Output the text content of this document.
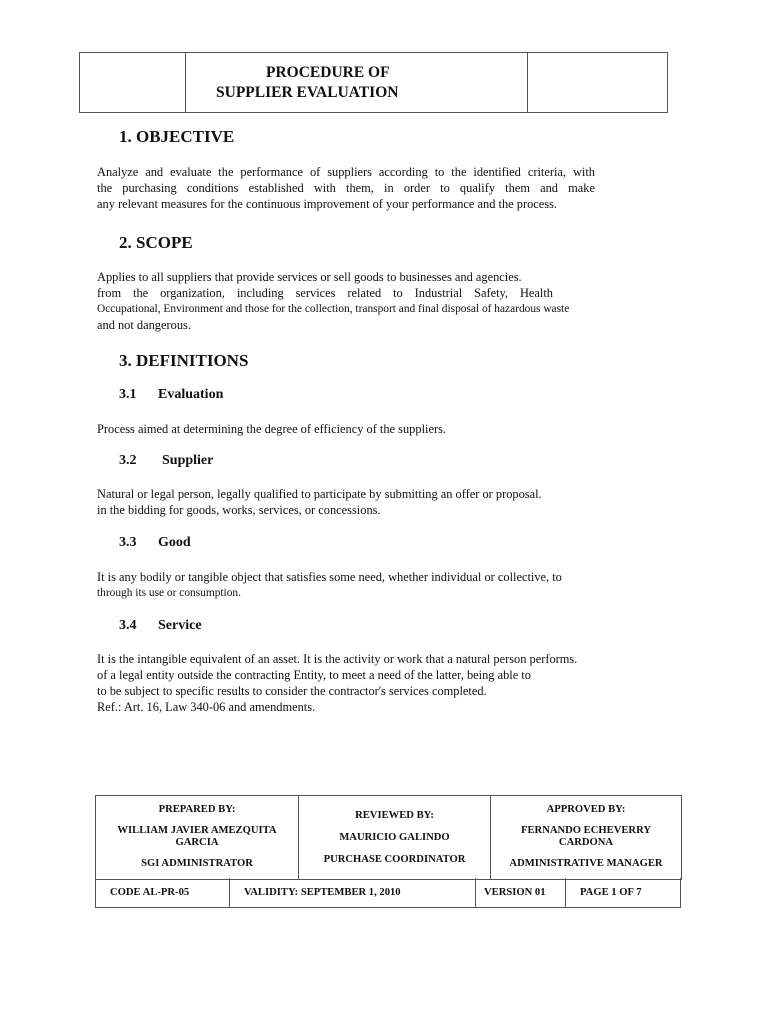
PROCEDURE OF
SUPPLIER EVALUATION
1. OBJECTIVE
Analyze and evaluate the performance of suppliers according to the identified criteria, with
the purchasing conditions established with them, in order to qualify them and make
any relevant measures for the continuous improvement of your performance and the process.
2. SCOPE
Applies to all suppliers that provide services or sell goods to businesses and agencies.
from the organization, including services related to Industrial Safety, Health
Occupational, Environment and those for the collection, transport and final disposal of hazardous waste
and not dangerous.
3. DEFINITIONS
3.1 Evaluation
Process aimed at determining the degree of efficiency of the suppliers.
3.2 Supplier
Natural or legal person, legally qualified to participate by submitting an offer or proposal.
in the bidding for goods, works, services, or concessions.
3.3 Good
It is any bodily or tangible object that satisfies some need, whether individual or collective, to
through its use or consumption.
3.4 Service
It is the intangible equivalent of an asset. It is the activity or work that a natural person performs.
of a legal entity outside the contracting Entity, to meet a need of the latter, being able to
to be subject to specific results to consider the contractor's services completed.
Ref.: Art. 16, Law 340-06 and amendments.
PREPARED BY:
WILLIAM JAVIER AMEZQUITA
GARCIA
SGI ADMINISTRATOR

REVIEWED BY:
MAURICIO GALINDO
PURCHASE COORDINATOR

APPROVED BY:
FERNANDO ECHEVERRY
CARDONA
ADMINISTRATIVE MANAGER
CODE AL-PR-05	VALIDITY: SEPTEMBER 1, 2010	VERSION 01	PAGE 1 OF 7
